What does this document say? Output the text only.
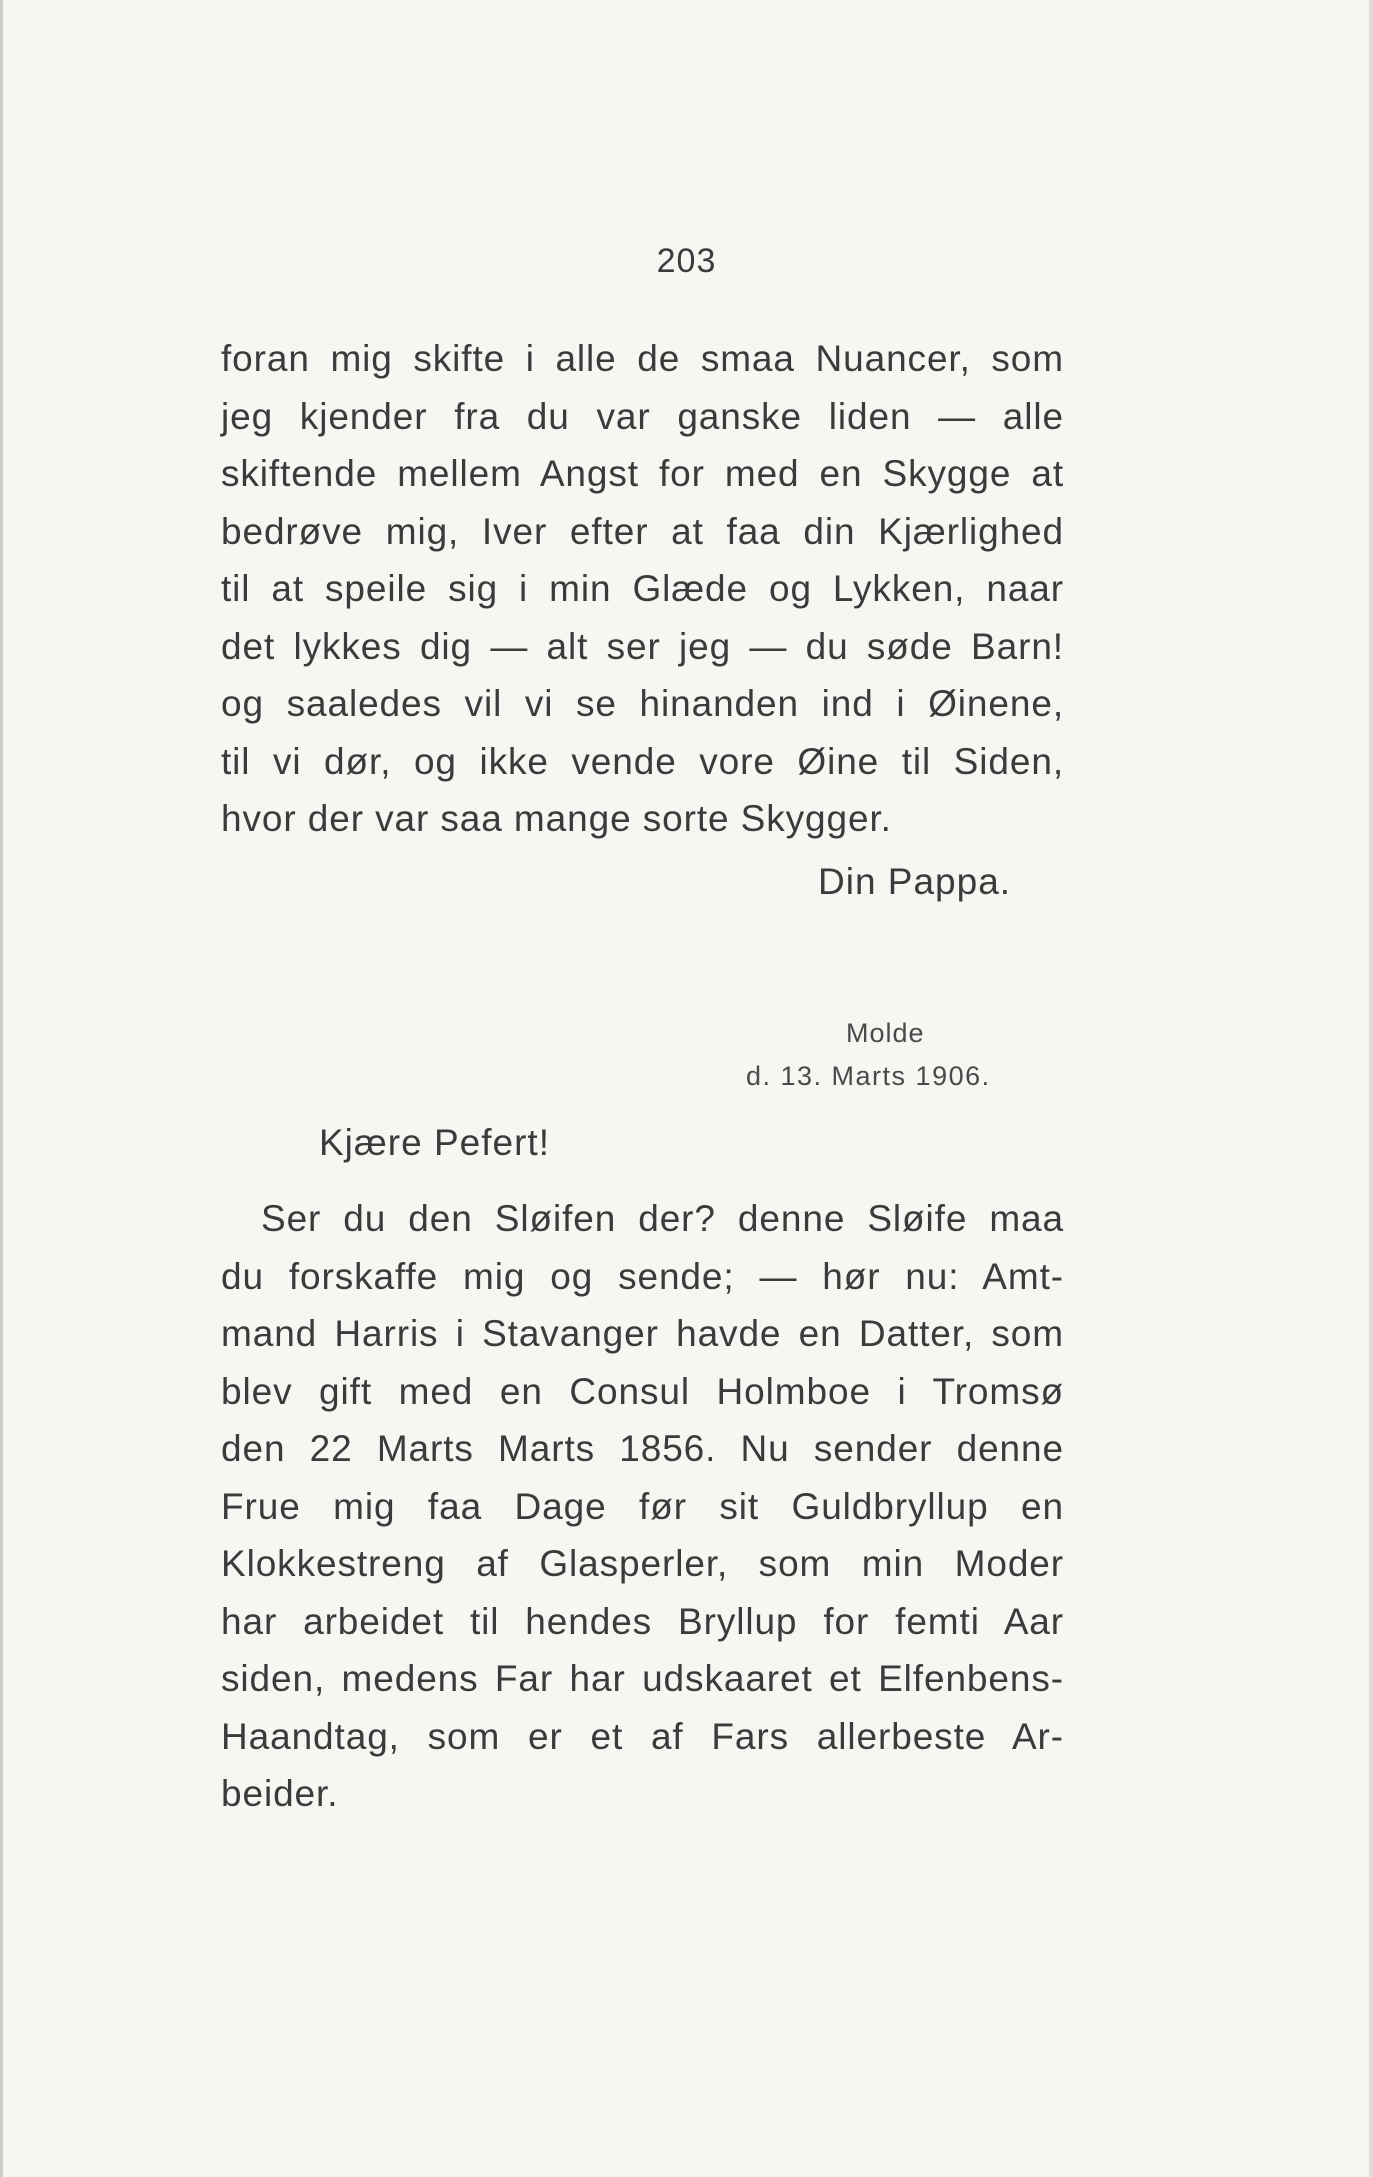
203
foran mig skifte i alle de smaa Nuancer, som
jeg kjender fra du var ganske liden — alle
skiftende mellem Angst for med en Skygge at
bedrøve mig, Iver efter at faa din Kjærlighed
til at speile sig i min Glæde og Lykken, naar
det lykkes dig — alt ser jeg — du søde Barn!
og saaledes vil vi se hinanden ind i Øinene,
til vi dør, og ikke vende vore Øine til Siden,
hvor der var saa mange sorte Skygger.
Din Pappa.
Molde
d. 13. Marts 1906.
Kjære Pefert!
Ser du den Sløifen der? denne Sløife maa
du forskaffe mig og sende; — hør nu: Amt-
mand Harris i Stavanger havde en Datter, som
blev gift med en Consul Holmboe i Tromsø
den 22 Marts Marts 1856. Nu sender denne
Frue mig faa Dage før sit Guldbryllup en
Klokkestreng af Glasperler, som min Moder
har arbeidet til hendes Bryllup for femti Aar
siden, medens Far har udskaaret et Elfenbens-
Haandtag, som er et af Fars allerbeste Ar-
beider.
